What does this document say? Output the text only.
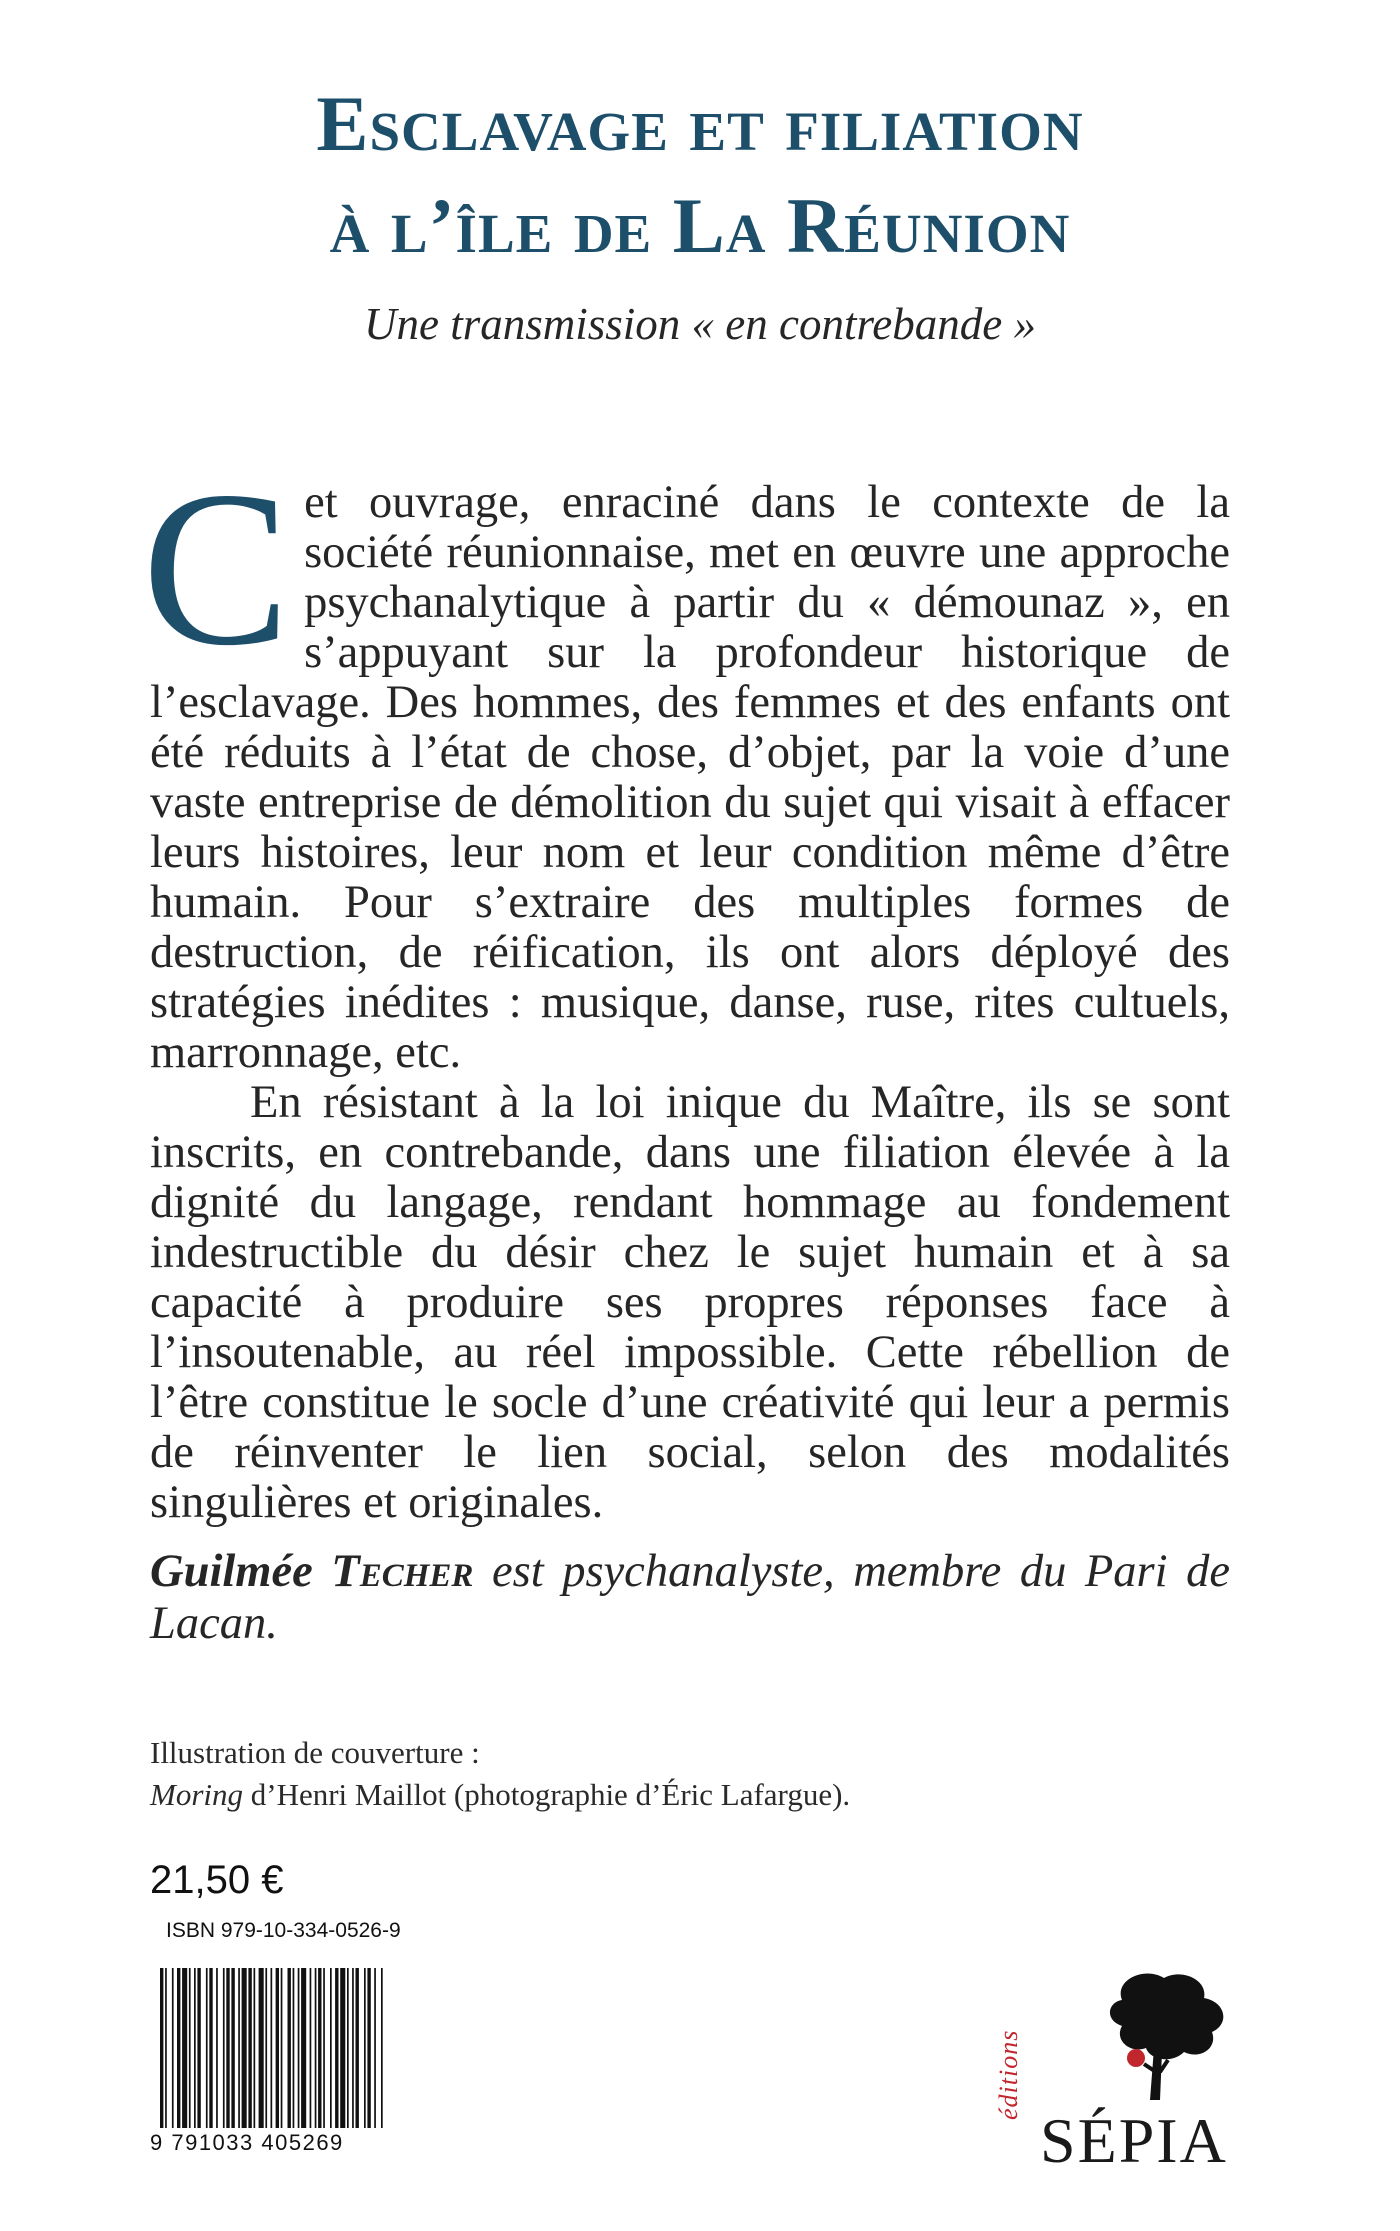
Esclavage et filiation
à l’île de La Réunion
Une transmission « en contrebande »

Cet ouvrage, enraciné dans le contexte de la société réunionnaise, met en œuvre une approche psychanalytique à partir du « démounaz », en s’appuyant sur la profondeur historique de l’esclavage. Des hommes, des femmes et des enfants ont été réduits à l’état de chose, d’objet, par la voie d’une vaste entreprise de démolition du sujet qui visait à effacer leurs histoires, leur nom et leur condition même d’être humain. Pour s’extraire des multiples formes de destruction, de réification, ils ont alors déployé des stratégies inédites : musique, danse, ruse, rites cultuels, marronnage, etc.

En résistant à la loi inique du Maître, ils se sont inscrits, en contrebande, dans une filiation élevée à la dignité du langage, rendant hommage au fondement indestructible du désir chez le sujet humain et à sa capacité à produire ses propres réponses face à l’insoutenable, au réel impossible. Cette rébellion de l’être constitue le socle d’une créativité qui leur a permis de réinventer le lien social, selon des modalités singulières et originales.

Guilmée Techer est psychanalyste, membre du Pari de Lacan.
Illustration de couverture :
Moring d’Henri Maillot (photographie d’Éric Lafargue).
21,50 €
ISBN 979-10-334-0526-9
9 791033 405269
éditions
SÉPIA
